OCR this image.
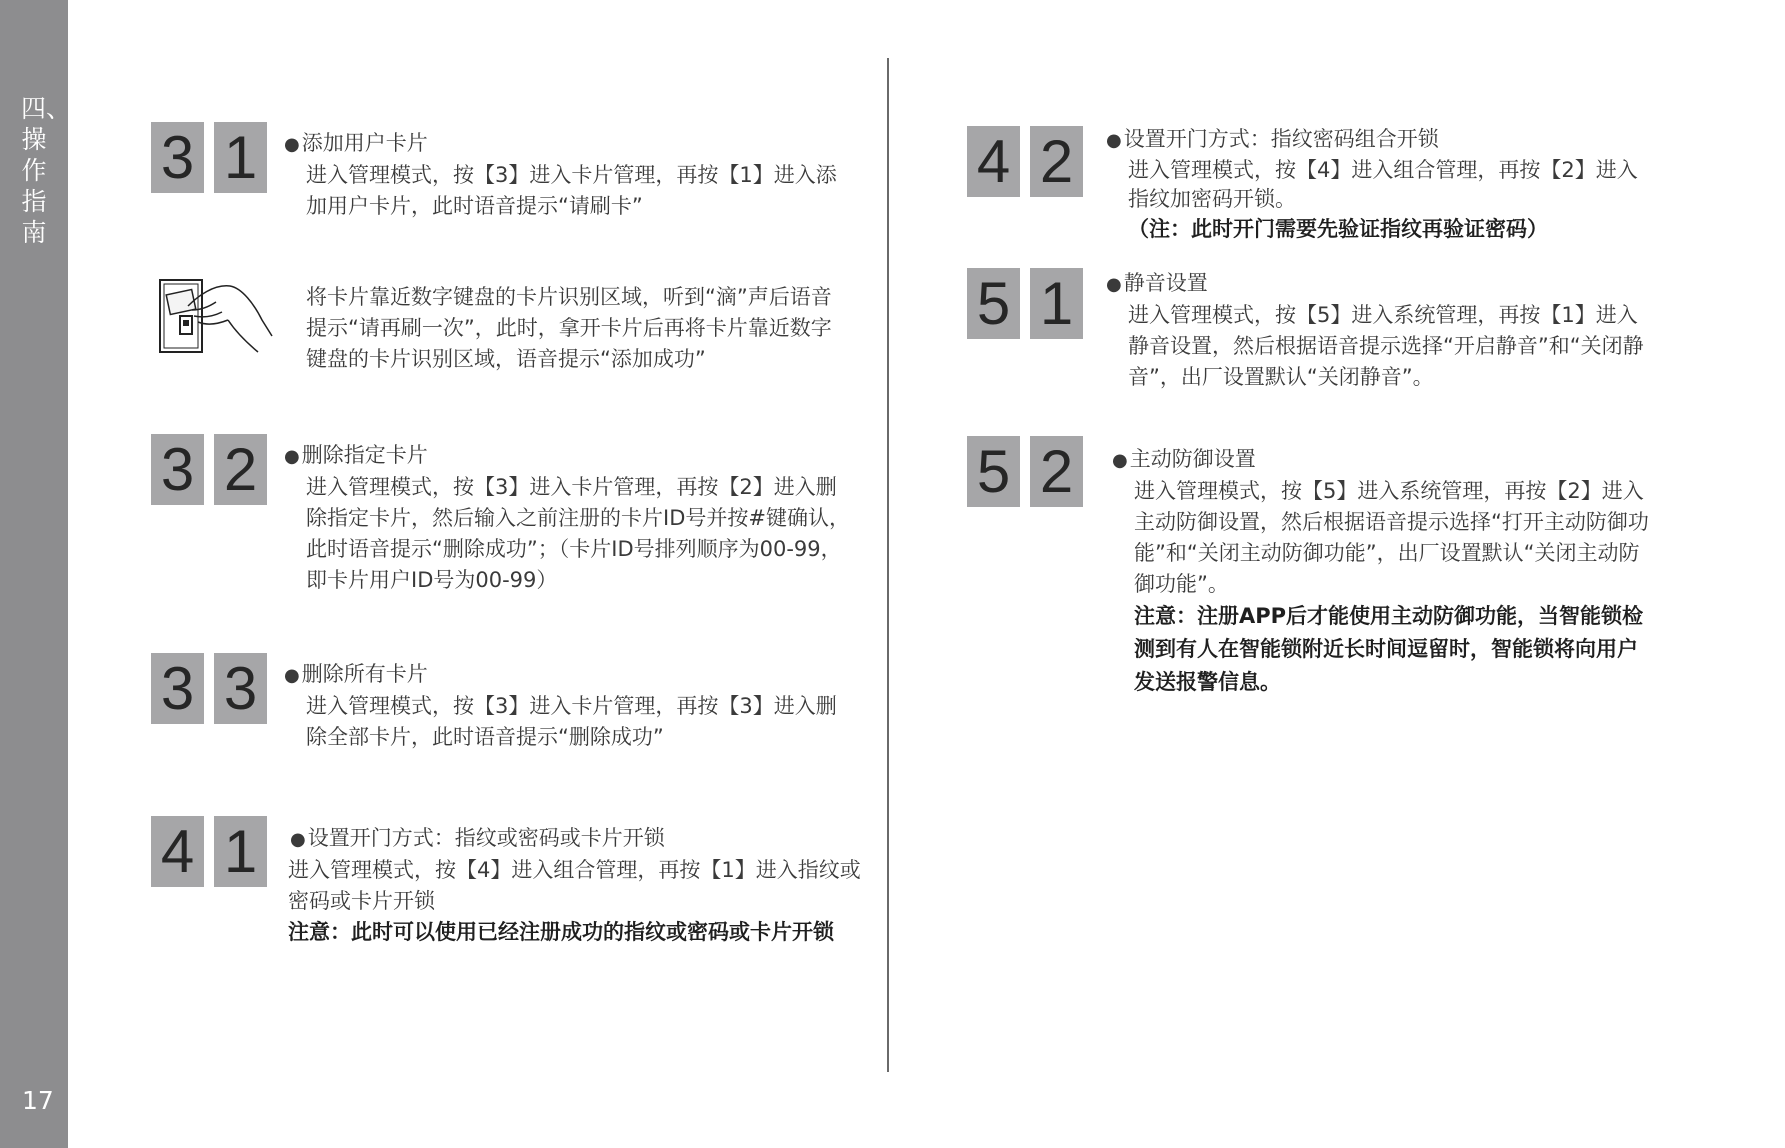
四、操作指南

17
3 1	●添加用户卡片
进入管理模式，按【3】进入卡片管理，再按【1】进入添加用户卡片，此时语音提示“请刷卡”
将卡片靠近数字键盘的卡片识别区域，听到“滴”声后语音提示“请再刷一次”，此时，拿开卡片后再将卡片靠近数字键盘的卡片识别区域，语音提示“添加成功”
3 2	●删除指定卡片
进入管理模式，按【3】进入卡片管理，再按【2】进入删除指定卡片，然后输入之前注册的卡片ID号并按#键确认，此时语音提示“删除成功”；（卡片ID号排列顺序为00-99，即卡片用户ID号为00-99）
3 3	●删除所有卡片
进入管理模式，按【3】进入卡片管理，再按【3】进入删除全部卡片，此时语音提示“删除成功”
4 1	●设置开门方式：指纹或密码或卡片开锁
进入管理模式，按【4】进入组合管理，再按【1】进入指纹或密码或卡片开锁
注意：此时可以使用已经注册成功的指纹或密码或卡片开锁
4 2	●设置开门方式：指纹密码组合开锁
进入管理模式，按【4】进入组合管理，再按【2】进入指纹加密码开锁。
（注：此时开门需要先验证指纹再验证密码）
5 1	●静音设置
进入管理模式，按【5】进入系统管理，再按【1】进入静音设置，然后根据语音提示选择“开启静音”和“关闭静音”，出厂设置默认“关闭静音”。
5 2	●主动防御设置
进入管理模式，按【5】进入系统管理，再按【2】进入主动防御设置，然后根据语音提示选择“打开主动防御功能”和“关闭主动防御功能”，出厂设置默认“关闭主动防御功能”。
注意：注册APP后才能使用主动防御功能，当智能锁检测到有人在智能锁附近长时间逗留时，智能锁将向用户发送报警信息。
